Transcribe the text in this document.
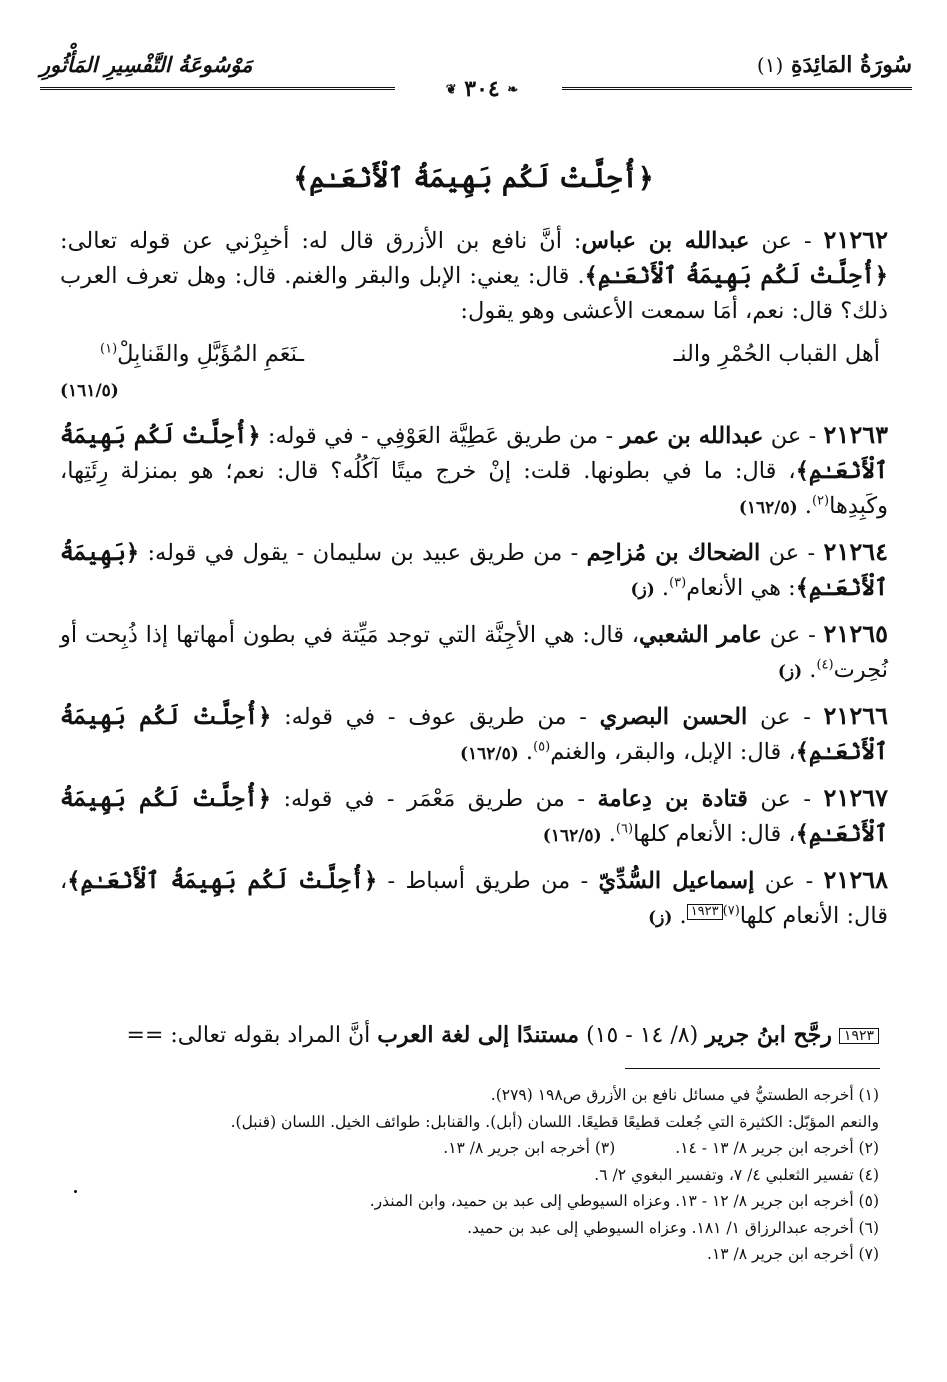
سُورَةُ المَائِدَةِ (١)
مَوْسُوعَةُ التَّفْسِيرِ المَأْثُورِ
❦ ٣٠٤ ❧
﴿أُحِلَّتْ لَكُم بَهِيمَةُ ٱلْأَنْعَـٰمِ﴾

٢١٢٦٢ - عن عبدالله بن عباس: أنَّ نافع بن الأزرق قال له: أخبِرْني عن قوله تعالى: ﴿أُحِلَّتْ لَكُم بَهِيمَةُ ٱلْأَنْعَـٰمِ﴾. قال: يعني: الإبل والبقر والغنم. قال: وهل تعرف العرب ذلك؟ قال: نعم، أمَا سمعت الأعشى وهو يقول:

أهل القباب الحُمْرِ والنـ
ـنَعَمِ المُؤَبَّلِ والقَنابِلْ$^{(١)}$
(١٦١/٥)

٢١٢٦٣ - عن عبدالله بن عمر - من طريق عَطِيَّة العَوْفِي - في قوله: ﴿أُحِلَّتْ لَكُم بَهِيمَةُ ٱلْأَنْعَـٰمِ﴾، قال: ما في بطونها. قلت: إنْ خرج ميتًا آكُلُه؟ قال: نعم؛ هو بمنزلة رِئَتِها، وكَبِدِها$^{(٢)}$. (١٦٢/٥)

٢١٢٦٤ - عن الضحاك بن مُزاحِم - من طريق عبيد بن سليمان - يقول في قوله: ﴿بَهِيمَةُ ٱلْأَنْعَـٰمِ﴾: هي الأنعام$^{(٣)}$. (ز)

٢١٢٦٥ - عن عامر الشعبي، قال: هي الأجِنَّة التي توجد مَيِّتة في بطون أمهاتها إذا ذُبِحت أو نُحِرت$^{(٤)}$. (ز)

٢١٢٦٦ - عن الحسن البصري - من طريق عوف - في قوله: ﴿أُحِلَّتْ لَكُم بَهِيمَةُ ٱلْأَنْعَـٰمِ﴾، قال: الإبل، والبقر، والغنم$^{(٥)}$. (١٦٢/٥)

٢١٢٦٧ - عن قتادة بن دِعامة - من طريق مَعْمَر - في قوله: ﴿أُحِلَّتْ لَكُم بَهِيمَةُ ٱلْأَنْعَـٰمِ﴾، قال: الأنعام كلها$^{(٦)}$. (١٦٢/٥)

٢١٢٦٨ - عن إسماعيل السُّدِّيّ - من طريق أسباط - ﴿أُحِلَّتْ لَكُم بَهِيمَةُ ٱلْأَنْعَـٰمِ﴾، قال: الأنعام كلها$^{(٧)}$١٩٢٣. (ز)

١٩٢٣ رجَّح ابنُ جرير (٨/ ١٤ - ١٥) مستندًا إلى لغة العرب أنَّ المراد بقوله تعالى: ==
(١) أخرجه الطستيُّ في مسائل نافع بن الأزرق ص١٩٨ (٢٧٩).
والنعم المؤبّل: الكثيرة التي جُعلت قطيعًا قطيعًا. اللسان (أبل). والقنابل: طوائف الخيل. اللسان (قنبل).
(٢) أخرجه ابن جرير ٨/ ١٣ - ١٤.
(٣) أخرجه ابن جرير ٨/ ١٣.
(٤) تفسير الثعلبي ٤/ ٧، وتفسير البغوي ٢/ ٦.
(٥) أخرجه ابن جرير ٨/ ١٢ - ١٣. وعزاه السيوطي إلى عبد بن حميد، وابن المنذر.
(٦) أخرجه عبدالرزاق ١/ ١٨١. وعزاه السيوطي إلى عبد بن حميد.
(٧) أخرجه ابن جرير ٨/ ١٣.
